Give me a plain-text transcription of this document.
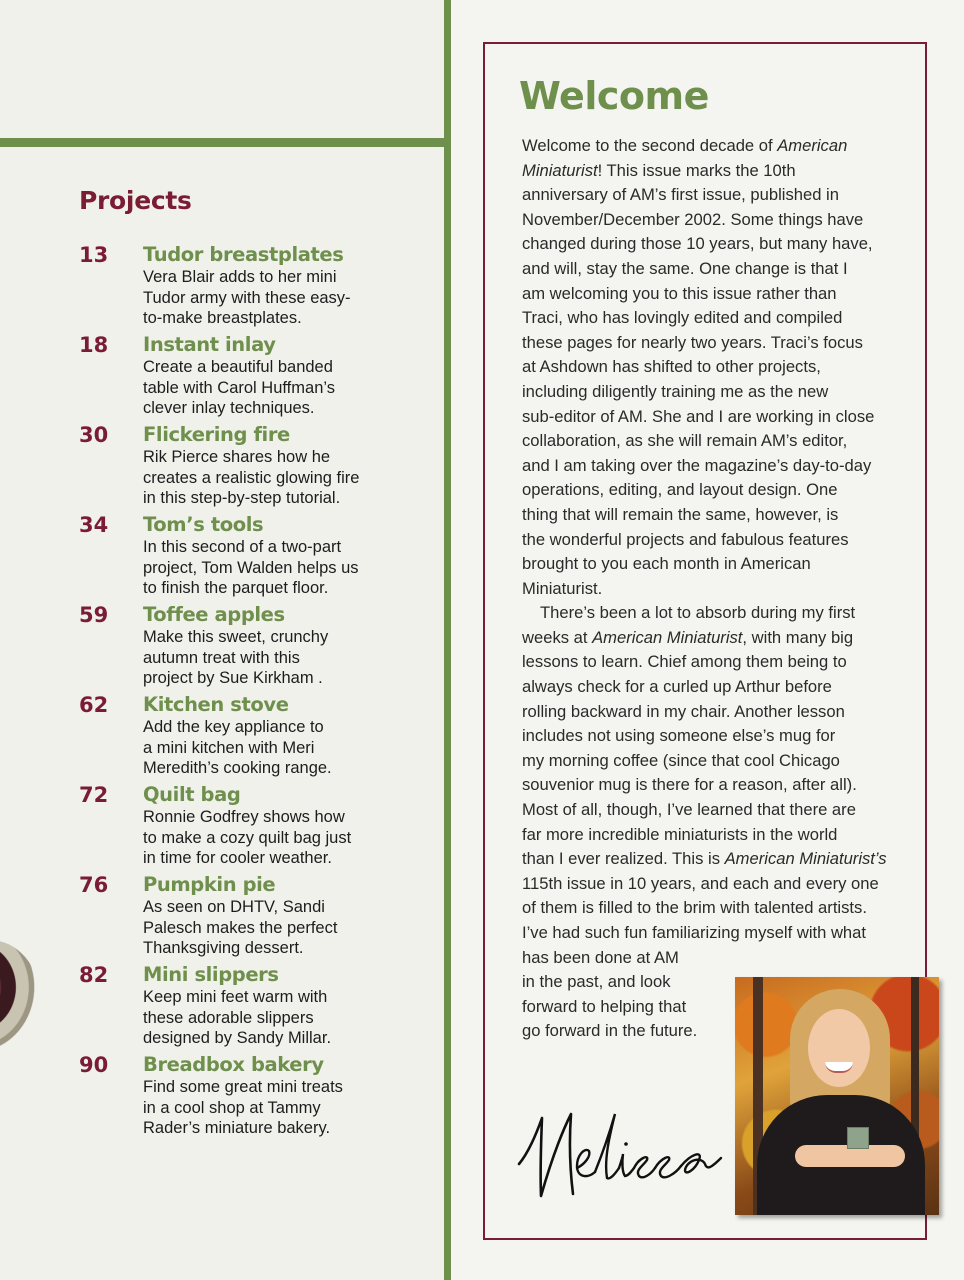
Projects
13 Tudor breastplates
Vera Blair adds to her mini
Tudor army with these easy-
to-make breastplates.
18 Instant inlay
Create a beautiful banded
table with Carol Huffman’s
clever inlay techniques.
30 Flickering fire
Rik Pierce shares how he
creates a realistic glowing fire
in this step-by-step tutorial.
34 Tom’s tools
In this second of a two-part
project, Tom Walden helps us
to finish the parquet floor.
59 Toffee apples
Make this sweet, crunchy
autumn treat with this
project by Sue Kirkham .
62 Kitchen stove
Add the key appliance to
a mini kitchen with Meri
Meredith’s cooking range.
72 Quilt bag
Ronnie Godfrey shows how
to make a cozy quilt bag just
in time for cooler weather.
76 Pumpkin pie
As seen on DHTV, Sandi
Palesch makes the perfect
Thanksgiving dessert.
82 Mini slippers
Keep mini feet warm with
these adorable slippers
designed by Sandy Millar.
90 Breadbox bakery
Find some great mini treats
in a cool shop at Tammy
Rader’s miniature bakery.
Welcome
Welcome to the second decade of American
Miniaturist! This issue marks the 10th
anniversary of AM’s first issue, published in
November/December 2002. Some things have
changed during those 10 years, but many have,
and will, stay the same. One change is that I
am welcoming you to this issue rather than
Traci, who has lovingly edited and compiled
these pages for nearly two years. Traci’s focus
at Ashdown has shifted to other projects,
including diligently training me as the new
sub-editor of AM. She and I are working in close
collaboration, as she will remain AM’s editor,
and I am taking over the magazine’s day-to-day
operations, editing, and layout design. One
thing that will remain the same, however, is
the wonderful projects and fabulous features
brought to you each month in American
Miniaturist.
There’s been a lot to absorb during my first
weeks at American Miniaturist, with many big
lessons to learn. Chief among them being to
always check for a curled up Arthur before
rolling backward in my chair. Another lesson
includes not using someone else’s mug for
my morning coffee (since that cool Chicago
souvenior mug is there for a reason, after all).
Most of all, though, I’ve learned that there are
far more incredible miniaturists in the world
than I ever realized. This is American Miniaturist’s
115th issue in 10 years, and each and every one
of them is filled to the brim with talented artists.
I’ve had such fun familiarizing myself with what
has been done at AM
in the past, and look
forward to helping that
go forward in the future.
